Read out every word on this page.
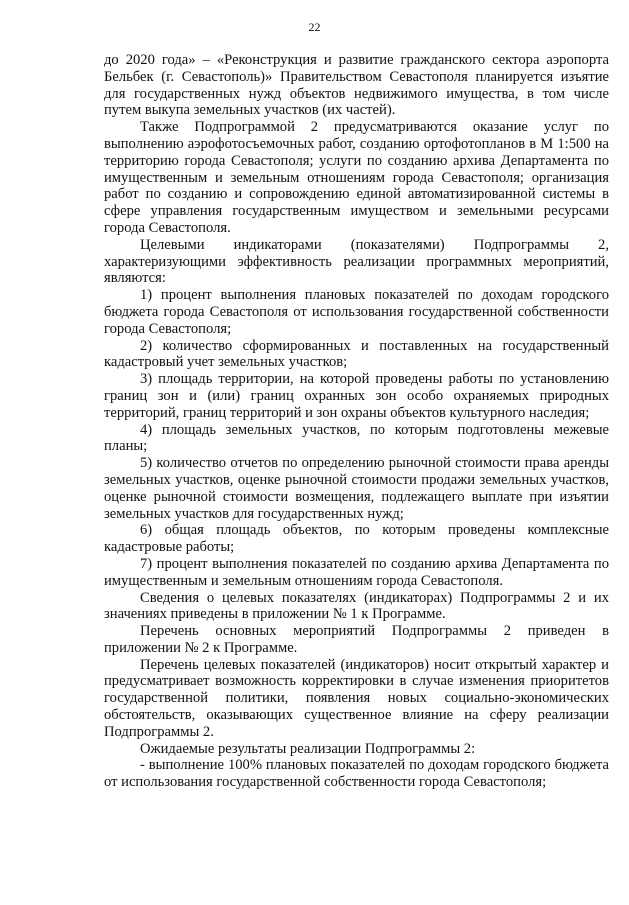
22

до 2020 года» – «Реконструкция и развитие гражданского сектора аэропорта Бельбек (г. Севастополь)» Правительством Севастополя планируется изъятие для государственных нужд объектов недвижимого имущества, в том числе путем выкупа земельных участков (их частей).

Также Подпрограммой 2 предусматриваются оказание услуг по выполнению аэрофотосъемочных работ, созданию ортофотопланов в М 1:500 на территорию города Севастополя; услуги по созданию архива Департамента по имущественным и земельным отношениям города Севастополя; организация работ по созданию и сопровождению единой автоматизированной системы в сфере управления государственным имуществом и земельными ресурсами города Севастополя.

Целевыми индикаторами (показателями) Подпрограммы 2, характеризующими эффективность реализации программных мероприятий, являются:

1) процент выполнения плановых показателей по доходам городского бюджета города Севастополя от использования государственной собственности города Севастополя;

2) количество сформированных и поставленных на государственный кадастровый учет земельных участков;

3) площадь территории, на которой проведены работы по установлению границ зон и (или) границ охранных зон особо охраняемых природных территорий, границ территорий и зон охраны объектов культурного наследия;

4) площадь земельных участков, по которым подготовлены межевые планы;

5) количество отчетов по определению рыночной стоимости права аренды земельных участков, оценке рыночной стоимости продажи земельных участков, оценке рыночной стоимости возмещения, подлежащего выплате при изъятии земельных участков для государственных нужд;

6) общая площадь объектов, по которым проведены комплексные кадастровые работы;

7) процент выполнения показателей по созданию архива Департамента по имущественным и земельным отношениям города Севастополя.

Сведения о целевых показателях (индикаторах) Подпрограммы 2 и их значениях приведены в приложении № 1 к Программе.

Перечень основных мероприятий Подпрограммы 2 приведен в приложении № 2 к Программе.

Перечень целевых показателей (индикаторов) носит открытый характер и предусматривает возможность корректировки в случае изменения приоритетов государственной политики, появления новых социально-экономических обстоятельств, оказывающих существенное влияние на сферу реализации Подпрограммы 2.

Ожидаемые результаты реализации Подпрограммы 2:

- выполнение 100% плановых показателей по доходам городского бюджета от использования государственной собственности города Севастополя;
